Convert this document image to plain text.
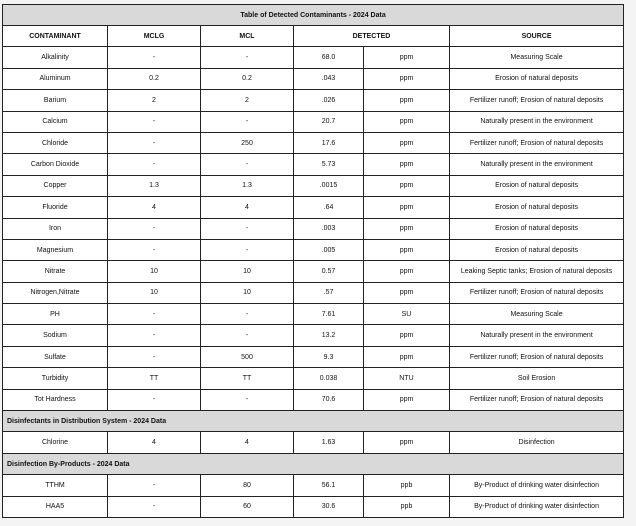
Table of Detected Contaminants - 2024 Data					
CONTAMINANT	MCLG	MCL	DETECTED		SOURCE
Alkalinity	-	-	68.0	ppm	Measuring Scale
Aluminum	0.2	0.2	.043	ppm	Erosion of natural deposits
Barium	2	2	.026	ppm	Fertilizer runoff; Erosion of natural deposits
Calcium	-	-	20.7	ppm	Naturally present in the environment
Chloride	-	250	17.6	ppm	Fertilizer runoff; Erosion of natural deposits
Carbon Dioxide	-	-	5.73	ppm	Naturally present in the environment
Copper	1.3	1.3	.0015	ppm	Erosion of natural deposits
Fluoride	4	4	.64	ppm	Erosion of natural deposits
Iron	-	-	.003	ppm	Erosion of natural deposits
Magnesium	-	-	.005	ppm	Erosion of natural deposits
Nitrate	10	10	0.57	ppm	Leaking Septic tanks; Erosion of natural deposits
Nitrogen,Nitrate	10	10	.57	ppm	Fertilizer runoff; Erosion of natural deposits
PH	-	-	7.61	SU	Measuring Scale
Sodium	-	-	13.2	ppm	Naturally present in the environment
Sulfate	-	500	9.3	ppm	Fertilizer runoff; Erosion of natural deposits
Turbidity	TT	TT	0.038	NTU	Soil Erosion
Tot Hardness	-	-	70.6	ppm	Fertilizer runoff; Erosion of natural deposits
Disinfectants in Distribution System - 2024 Data					
Chlorine	4	4	1.63	ppm	Disinfection
Disinfection By-Products - 2024 Data					
TTHM	-	80	56.1	ppb	By-Product of drinking water disinfection
HAA5	-	60	30.6	ppb	By-Product of drinking water disinfection
